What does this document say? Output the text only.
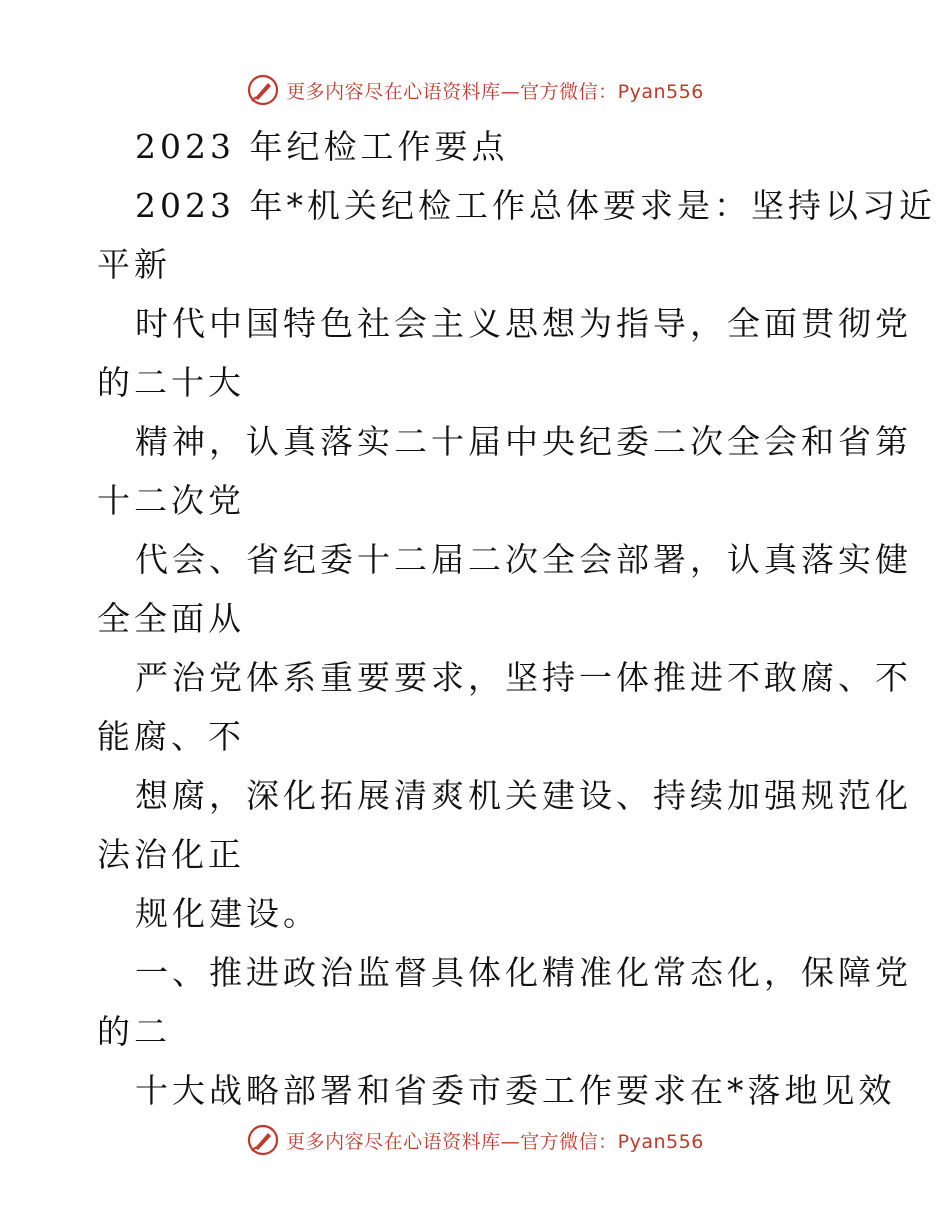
更多内容尽在心语资料库—官方微信：Pyan556
2023 年纪检工作要点
2023 年*机关纪检工作总体要求是：坚持以习近
平新
时代中国特色社会主义思想为指导，全面贯彻党
的二十大
精神，认真落实二十届中央纪委二次全会和省第
十二次党
代会、省纪委十二届二次全会部署，认真落实健
全全面从
严治党体系重要要求，坚持一体推进不敢腐、不
能腐、不
想腐，深化拓展清爽机关建设、持续加强规范化
法治化正
规化建设。
一、推进政治监督具体化精准化常态化，保障党
的二
十大战略部署和省委市委工作要求在*落地见效
更多内容尽在心语资料库—官方微信：Pyan556
